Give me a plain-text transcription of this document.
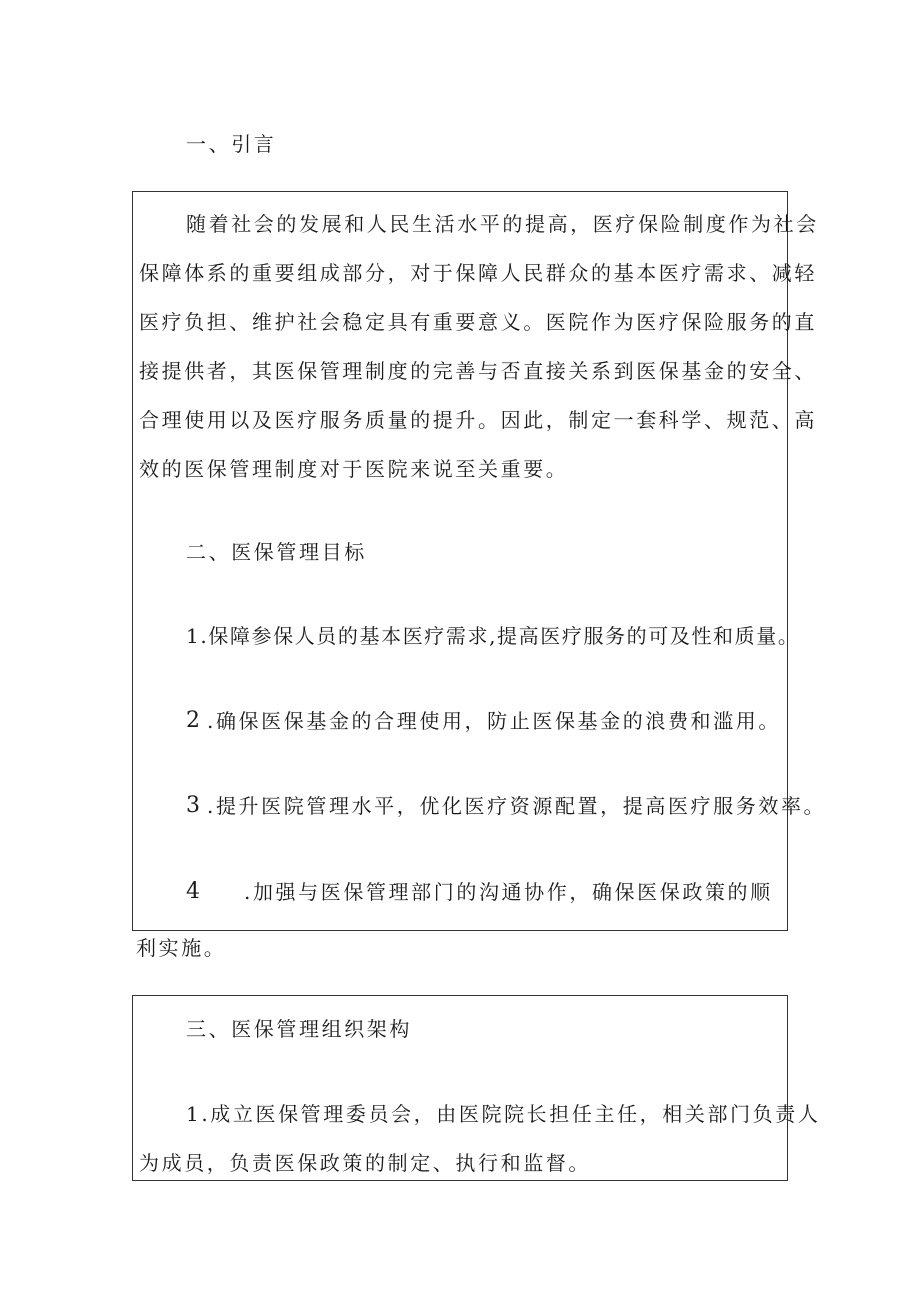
一、引言
随着社会的发展和人民生活水平的提高，医疗保险制度作为社会
保障体系的重要组成部分，对于保障人民群众的基本医疗需求、减轻
医疗负担、维护社会稳定具有重要意义。医院作为医疗保险服务的直
接提供者，其医保管理制度的完善与否直接关系到医保基金的安全、
合理使用以及医疗服务质量的提升。因此，制定一套科学、规范、高
效的医保管理制度对于医院来说至关重要。
二、医保管理目标
1.保障参保人员的基本医疗需求,提高医疗服务的可及性和质量。
2 .确保医保基金的合理使用，防止医保基金的浪费和滥用。
3 .提升医院管理水平，优化医疗资源配置，提高医疗服务效率。
4 .加强与医保管理部门的沟通协作，确保医保政策的顺
利实施。
三、医保管理组织架构
1.成立医保管理委员会，由医院院长担任主任，相关部门负责人
为成员，负责医保政策的制定、执行和监督。
